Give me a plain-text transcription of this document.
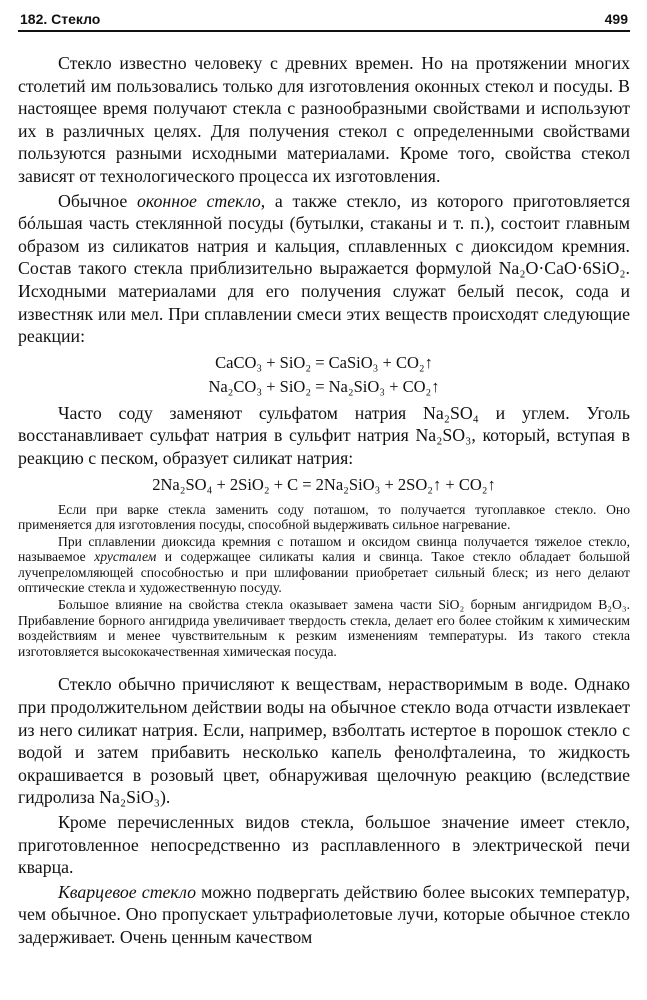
182. Стекло	499

Стекло известно человеку с древних времен. Но на протяжении многих столетий им пользовались только для изготовления оконных стекол и посуды. В настоящее время получают стекла с разнообразными свойствами и используют их в различных целях. Для получения стекол с определенными свойствами пользуются разными исходными материалами. Кроме того, свойства стекол зависят от технологического процесса их изготовления.

Обычное оконное стекло, а также стекло, из которого приготовляется бóльшая часть стеклянной посуды (бутылки, стаканы и т. п.), состоит главным образом из силикатов натрия и кальция, сплавленных с диоксидом кремния. Состав такого стекла приблизительно выражается формулой Na₂O·CaO·6SiO₂. Исходными материалами для его получения служат белый песок, сода и известняк или мел. При сплавлении смеси этих веществ происходят следующие реакции:

CaCO₃ + SiO₂ = CaSiO₃ + CO₂↑
Na₂CO₃ + SiO₂ = Na₂SiO₃ + CO₂↑

Часто соду заменяют сульфатом натрия Na₂SO₄ и углем. Уголь восстанавливает сульфат натрия в сульфит натрия Na₂SO₃, который, вступая в реакцию с песком, образует силикат натрия:

2Na₂SO₄ + 2SiO₂ + C = 2Na₂SiO₃ + 2SO₂↑ + CO₂↑

Если при варке стекла заменить соду поташом, то получается тугоплавкое стекло. Оно применяется для изготовления посуды, способной выдерживать сильное нагревание.

При сплавлении диоксида кремния с поташом и оксидом свинца получается тяжелое стекло, называемое хрусталем и содержащее силикаты калия и свинца. Такое стекло обладает большой лучепреломляющей способностью и при шлифовании приобретает сильный блеск; из него делают оптические стекла и художественную посуду.

Большое влияние на свойства стекла оказывает замена части SiO₂ борным ангидридом B₂O₃. Прибавление борного ангидрида увеличивает твердость стекла, делает его более стойким к химическим воздействиям и менее чувствительным к резким изменениям температуры. Из такого стекла изготовляется высококачественная химическая посуда.

Стекло обычно причисляют к веществам, нерастворимым в воде. Однако при продолжительном действии воды на обычное стекло вода отчасти извлекает из него силикат натрия. Если, например, взболтать истертое в порошок стекло с водой и затем прибавить несколько капель фенолфталеина, то жидкость окрашивается в розовый цвет, обнаруживая щелочную реакцию (вследствие гидролиза Na₂SiO₃).

Кроме перечисленных видов стекла, большое значение имеет стекло, приготовленное непосредственно из расплавленного в электрической печи кварца.

Кварцевое стекло можно подвергать действию более высоких температур, чем обычное. Оно пропускает ультрафиолетовые лучи, которые обычное стекло задерживает. Очень ценным качеством
